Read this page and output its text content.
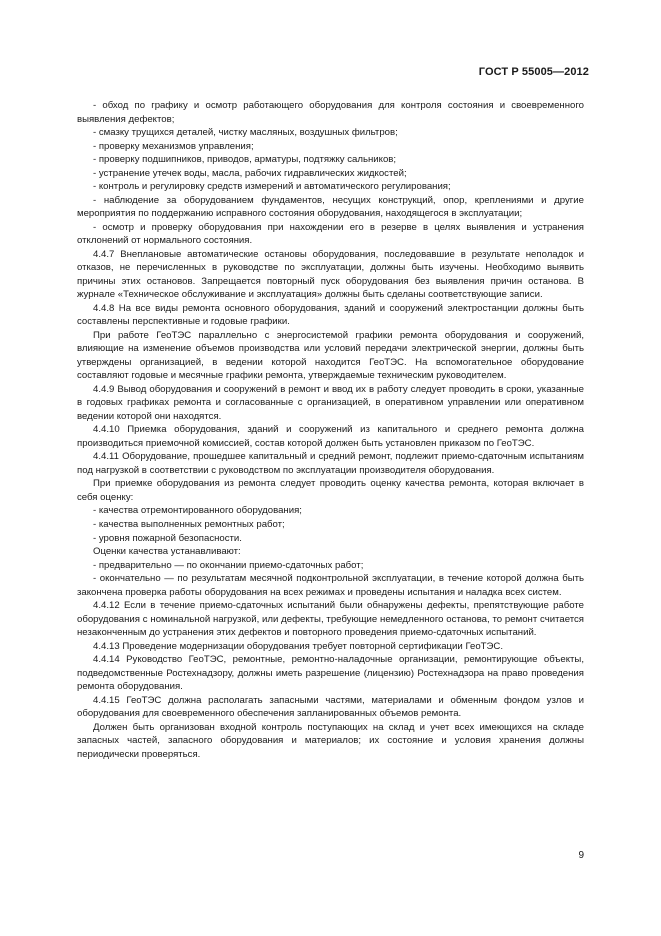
ГОСТ Р 55005—2012

- обход по графику и осмотр работающего оборудования для контроля состояния и своевременного выявления дефектов;

- смазку трущихся деталей, чистку масляных, воздушных фильтров;

- проверку механизмов управления;

- проверку подшипников, приводов, арматуры, подтяжку сальников;

- устранение утечек воды, масла, рабочих гидравлических жидкостей;

- контроль и регулировку средств измерений и автоматического регулирования;

- наблюдение за оборудованием фундаментов, несущих конструкций, опор, креплениями и другие мероприятия по поддержанию исправного состояния оборудования, находящегося в эксплуатации;

- осмотр и проверку оборудования при нахождении его в резерве в целях выявления и устранения отклонений от нормального состояния.

4.4.7 Внеплановые автоматические остановы оборудования, последовавшие в результате неполадок и отказов, не перечисленных в руководстве по эксплуатации, должны быть изучены. Необходимо выявить причины этих остановов. Запрещается повторный пуск оборудования без выявления причин останова. В журнале «Техническое обслуживание и эксплуатация» должны быть сделаны соответствующие записи.

4.4.8 На все виды ремонта основного оборудования, зданий и сооружений электростанции должны быть составлены перспективные и годовые графики.

При работе ГеоТЭС параллельно с энергосистемой графики ремонта оборудования и сооружений, влияющие на изменение объемов производства или условий передачи электрической энергии, должны быть утверждены организацией, в ведении которой находится ГеоТЭС. На вспомогательное оборудование составляют годовые и месячные графики ремонта, утверждаемые техническим руководителем.

4.4.9 Вывод оборудования и сооружений в ремонт и ввод их в работу следует проводить в сроки, указанные в годовых графиках ремонта и согласованные с организацией, в оперативном управлении или оперативном ведении которой они находятся.

4.4.10 Приемка оборудования, зданий и сооружений из капитального и среднего ремонта должна производиться приемочной комиссией, состав которой должен быть установлен приказом по ГеоТЭС.

4.4.11 Оборудование, прошедшее капитальный и средний ремонт, подлежит приемо-сдаточным испытаниям под нагрузкой в соответствии с руководством по эксплуатации производителя оборудования.

При приемке оборудования из ремонта следует проводить оценку качества ремонта, которая включает в себя оценку:

- качества отремонтированного оборудования;

- качества выполненных ремонтных работ;

- уровня пожарной безопасности.

Оценки качества устанавливают:

- предварительно — по окончании приемо-сдаточных работ;

- окончательно — по результатам месячной подконтрольной эксплуатации, в течение которой должна быть закончена проверка работы оборудования на всех режимах и проведены испытания и наладка всех систем.

4.4.12 Если в течение приемо-сдаточных испытаний были обнаружены дефекты, препятствующие работе оборудования с номинальной нагрузкой, или дефекты, требующие немедленного останова, то ремонт считается незаконченным до устранения этих дефектов и повторного проведения приемо-сдаточных испытаний.

4.4.13 Проведение модернизации оборудования требует повторной сертификации ГеоТЭС.

4.4.14 Руководство ГеоТЭС, ремонтные, ремонтно-наладочные организации, ремонтирующие объекты, подведомственные Ростехнадзору, должны иметь разрешение (лицензию) Ростехнадзора на право проведения ремонта оборудования.

4.4.15 ГеоТЭС должна располагать запасными частями, материалами и обменным фондом узлов и оборудования для своевременного обеспечения запланированных объемов ремонта.

Должен быть организован входной контроль поступающих на склад и учет всех имеющихся на складе запасных частей, запасного оборудования и материалов; их состояние и условия хранения должны периодически проверяться.

9
